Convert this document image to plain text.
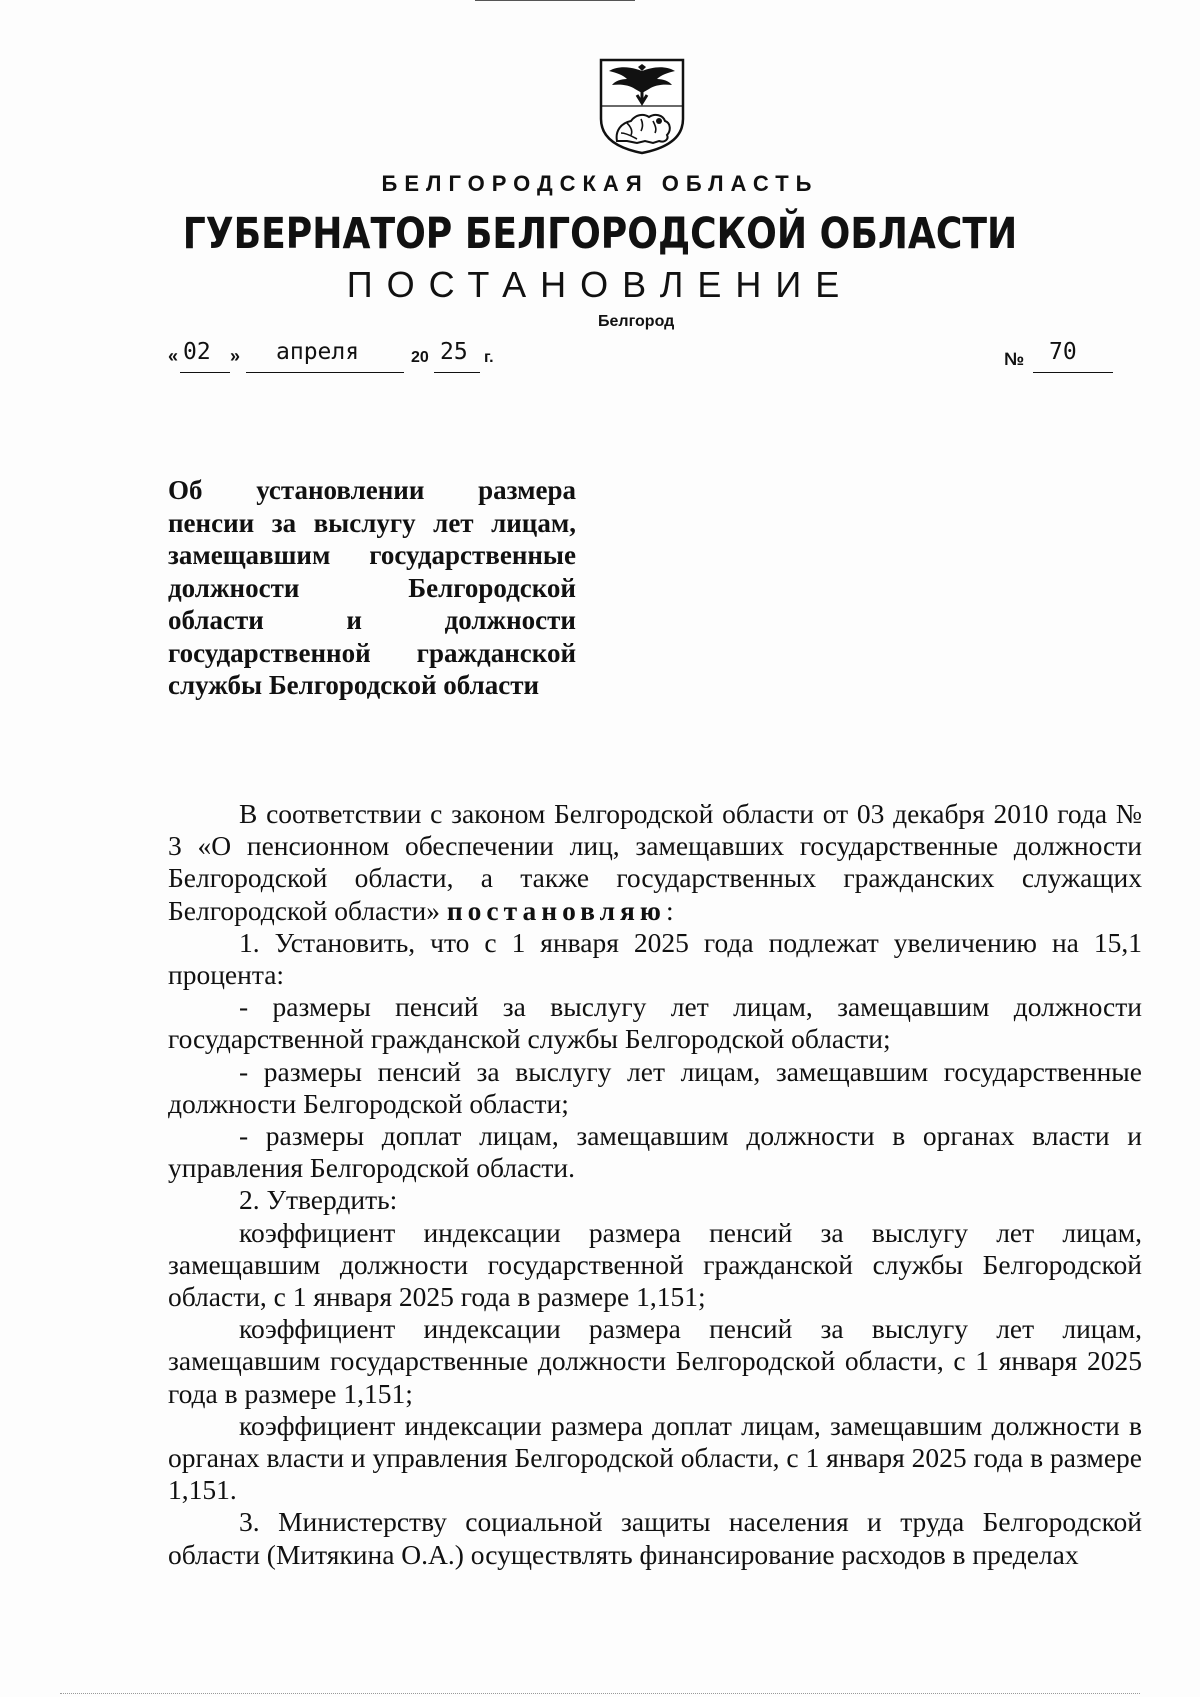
БЕЛГОРОДСКАЯ ОБЛАСТЬ
ГУБЕРНАТОР БЕЛГОРОДСКОЙ ОБЛАСТИ
ПОСТАНОВЛЕНИЕ
Белгород
« 02 » апреля	20 25 г.	№ 70
Об установлении размера
пенсии за выслугу лет лицам,
замещавшим государственные
должности Белгородской
области и должности
государственной гражданской
службы Белгородской области

В соответствии с законом Белгородской области от 03 декабря 2010 года № 3 «О пенсионном обеспечении лиц, замещавших государственные должности Белгородской области, а также государственных гражданских служащих Белгородской области» постановляю:

1. Установить, что с 1 января 2025 года подлежат увеличению на 15,1 процента:

- размеры пенсий за выслугу лет лицам, замещавшим должности государственной гражданской службы Белгородской области;

- размеры пенсий за выслугу лет лицам, замещавшим государственные должности Белгородской области;

- размеры доплат лицам, замещавшим должности в органах власти и управления Белгородской области.

2. Утвердить:

коэффициент индексации размера пенсий за выслугу лет лицам, замещавшим должности государственной гражданской службы Белгородской области, с 1 января 2025 года в размере 1,151;

коэффициент индексации размера пенсий за выслугу лет лицам, замещавшим государственные должности Белгородской области, с 1 января 2025 года в размере 1,151;

коэффициент индексации размера доплат лицам, замещавшим должности в органах власти и управления Белгородской области, с 1 января 2025 года в размере 1,151.

3. Министерству социальной защиты населения и труда Белгородской области (Митякина О.А.) осуществлять финансирование расходов в пределах
